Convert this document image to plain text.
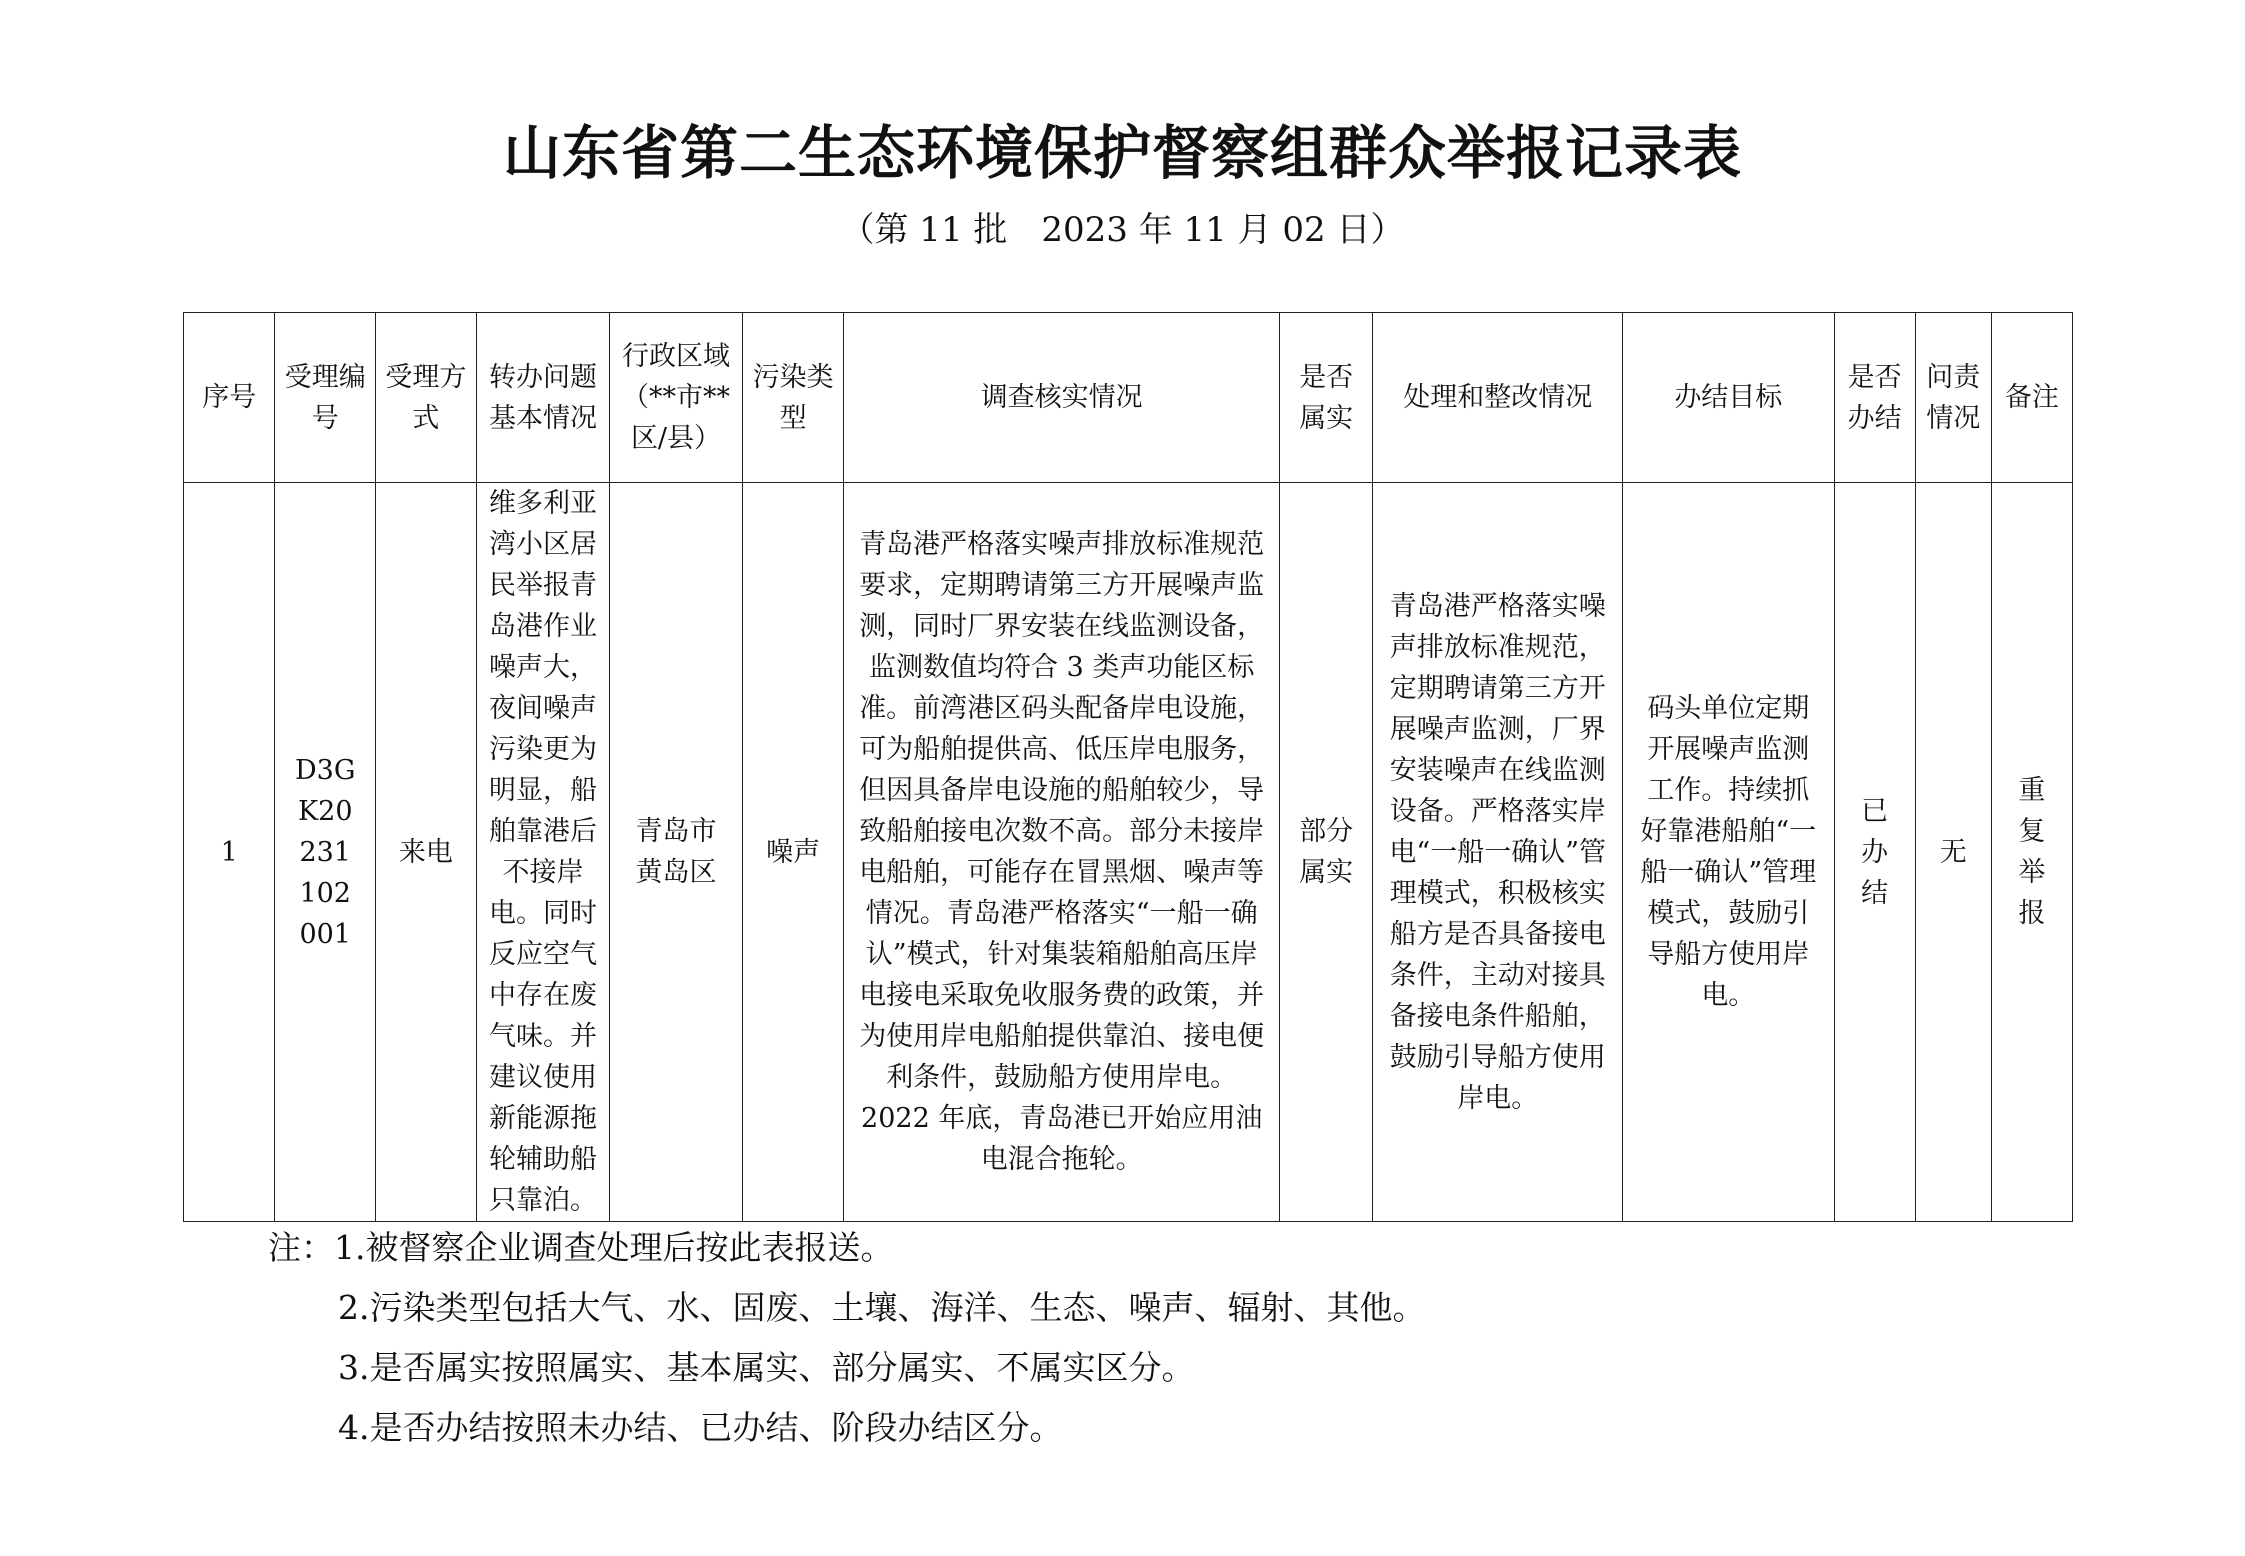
山东省第二生态环境保护督察组群众举报记录表
（第 11 批　2023 年 11 月 02 日）
序号	受理编号	受理方式	转办问题基本情况	行政区域（**市**区/县）	污染类型	调查核实情况	是否属实	处理和整改情况	办结目标	是否办结	问责情况	备注
1	D3GK20231102001	来电	维多利亚湾小区居民举报青岛港作业噪声大，夜间噪声污染更为明显，船舶靠港后不接岸电。同时反应空气中存在废气味。并建议使用新能源拖轮辅助船只靠泊。	青岛市黄岛区	噪声	青岛港严格落实噪声排放标准规范要求，定期聘请第三方开展噪声监测，同时厂界安装在线监测设备，监测数值均符合 3 类声功能区标准。前湾港区码头配备岸电设施，可为船舶提供高、低压岸电服务，但因具备岸电设施的船舶较少，导致船舶接电次数不高。部分未接岸电船舶，可能存在冒黑烟、噪声等情况。青岛港严格落实“一船一确认”模式，针对集装箱船舶高压岸电接电采取免收服务费的政策，并为使用岸电船舶提供靠泊、接电便利条件，鼓励船方使用岸电。2022 年底，青岛港已开始应用油电混合拖轮。	部分属实	青岛港严格落实噪声排放标准规范，定期聘请第三方开展噪声监测，厂界安装噪声在线监测设备。严格落实岸电“一船一确认”管理模式，积极核实船方是否具备接电条件，主动对接具备接电条件船舶，鼓励引导船方使用岸电。	码头单位定期开展噪声监测工作。持续抓好靠港船舶“一船一确认”管理模式，鼓励引导船方使用岸电。	已办结	无	重复举报
注：1.被督察企业调查处理后按此表报送。
2.污染类型包括大气、水、固废、土壤、海洋、生态、噪声、辐射、其他。
3.是否属实按照属实、基本属实、部分属实、不属实区分。
4.是否办结按照未办结、已办结、阶段办结区分。
